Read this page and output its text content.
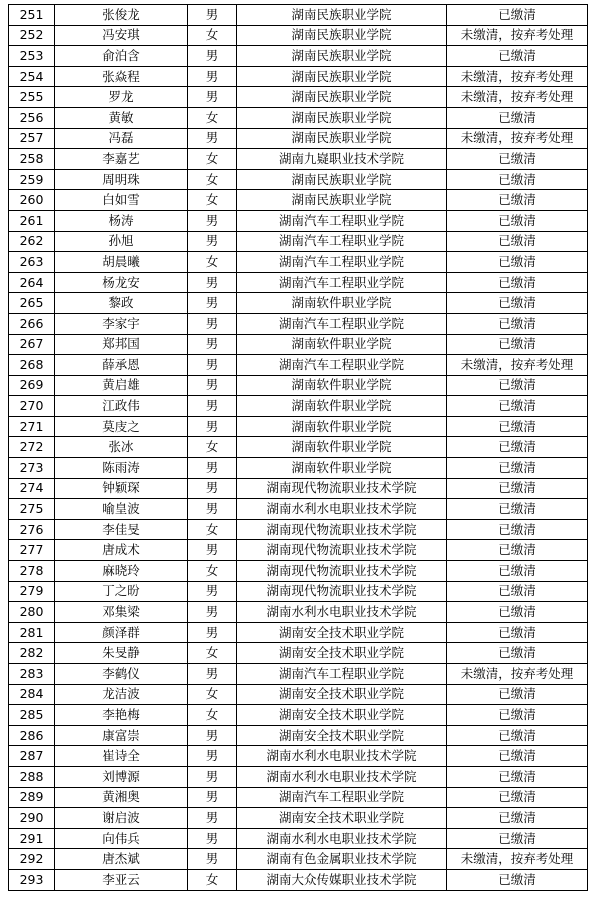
251	张俊龙	男	湖南民族职业学院	已缴清
252	冯安琪	女	湖南民族职业学院	未缴清，按弃考处理
253	俞泊含	男	湖南民族职业学院	已缴清
254	张焱程	男	湖南民族职业学院	未缴清，按弃考处理
255	罗龙	男	湖南民族职业学院	未缴清，按弃考处理
256	黄敏	女	湖南民族职业学院	已缴清
257	冯磊	男	湖南民族职业学院	未缴清，按弃考处理
258	李嘉艺	女	湖南九嶷职业技术学院	已缴清
259	周明珠	女	湖南民族职业学院	已缴清
260	白如雪	女	湖南民族职业学院	已缴清
261	杨涛	男	湖南汽车工程职业学院	已缴清
262	孙旭	男	湖南汽车工程职业学院	已缴清
263	胡晨曦	女	湖南汽车工程职业学院	已缴清
264	杨龙安	男	湖南汽车工程职业学院	已缴清
265	黎政	男	湖南软件职业学院	已缴清
266	李家宇	男	湖南汽车工程职业学院	已缴清
267	郑邦国	男	湖南软件职业学院	已缴清
268	薛承恩	男	湖南汽车工程职业学院	未缴清，按弃考处理
269	黄启雄	男	湖南软件职业学院	已缴清
270	江政伟	男	湖南软件职业学院	已缴清
271	莫庋之	男	湖南软件职业学院	已缴清
272	张冰	女	湖南软件职业学院	已缴清
273	陈雨涛	男	湖南软件职业学院	已缴清
274	钟颖琛	男	湖南现代物流职业技术学院	已缴清
275	喻皇波	男	湖南水利水电职业技术学院	已缴清
276	李佳旻	女	湖南现代物流职业技术学院	已缴清
277	唐成术	男	湖南现代物流职业技术学院	已缴清
278	麻晓玲	女	湖南现代物流职业技术学院	已缴清
279	丁之昐	男	湖南现代物流职业技术学院	已缴清
280	邓集梁	男	湖南水利水电职业技术学院	已缴清
281	颜泽群	男	湖南安全技术职业学院	已缴清
282	朱旻静	女	湖南安全技术职业学院	已缴清
283	李鹤仪	男	湖南汽车工程职业学院	未缴清，按弃考处理
284	龙洁波	女	湖南安全技术职业学院	已缴清
285	李艳梅	女	湖南安全技术职业学院	已缴清
286	康富崇	男	湖南安全技术职业学院	已缴清
287	崔诗全	男	湖南水利水电职业技术学院	已缴清
288	刘博源	男	湖南水利水电职业技术学院	已缴清
289	黄湘奥	男	湖南汽车工程职业学院	已缴清
290	谢启波	男	湖南安全技术职业学院	已缴清
291	向伟兵	男	湖南水利水电职业技术学院	已缴清
292	唐杰斌	男	湖南有色金属职业技术学院	未缴清，按弃考处理
293	李亚云	女	湖南大众传媒职业技术学院	已缴清
